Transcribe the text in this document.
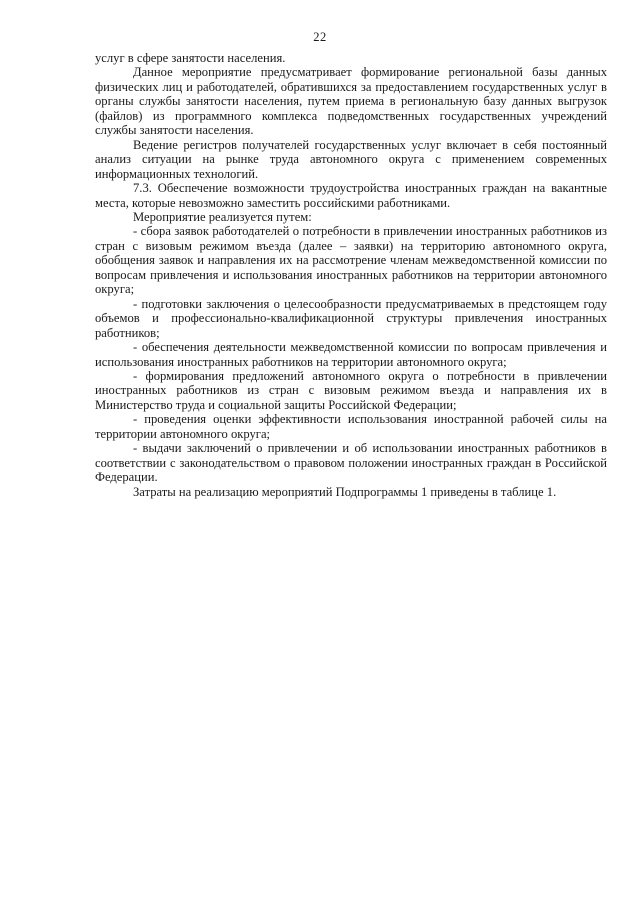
22

услуг в сфере занятости населения.

Данное мероприятие предусматривает формирование региональной базы данных физических лиц и работодателей, обратившихся за предоставлением государственных услуг в органы службы занятости населения, путем приема в региональную базу данных выгрузок (файлов) из программного комплекса подведомственных государственных учреждений службы занятости населения.

Ведение регистров получателей государственных услуг включает в себя постоянный анализ ситуации на рынке труда автономного округа с применением современных информационных технологий.

7.3. Обеспечение возможности трудоустройства иностранных граждан на вакантные места, которые невозможно заместить российскими работниками.

Мероприятие реализуется путем:

- сбора заявок работодателей о потребности в привлечении иностранных работников из стран с визовым режимом въезда (далее – заявки) на территорию автономного округа, обобщения заявок и направления их на рассмотрение членам межведомственной комиссии по вопросам привлечения и использования иностранных работников на территории автономного округа;

- подготовки заключения о целесообразности предусматриваемых в предстоящем году объемов и профессионально-квалификационной структуры привлечения иностранных работников;

- обеспечения деятельности межведомственной комиссии по вопросам привлечения и использования иностранных работников на территории автономного округа;

- формирования предложений автономного округа о потребности в привлечении иностранных работников из стран с визовым режимом въезда и направления их в Министерство труда и социальной защиты Российской Федерации;

- проведения оценки эффективности использования иностранной рабочей силы на территории автономного округа;

- выдачи заключений о привлечении и об использовании иностранных работников в соответствии с законодательством о правовом положении иностранных граждан в Российской Федерации.

Затраты на реализацию мероприятий Подпрограммы 1 приведены в таблице 1.
